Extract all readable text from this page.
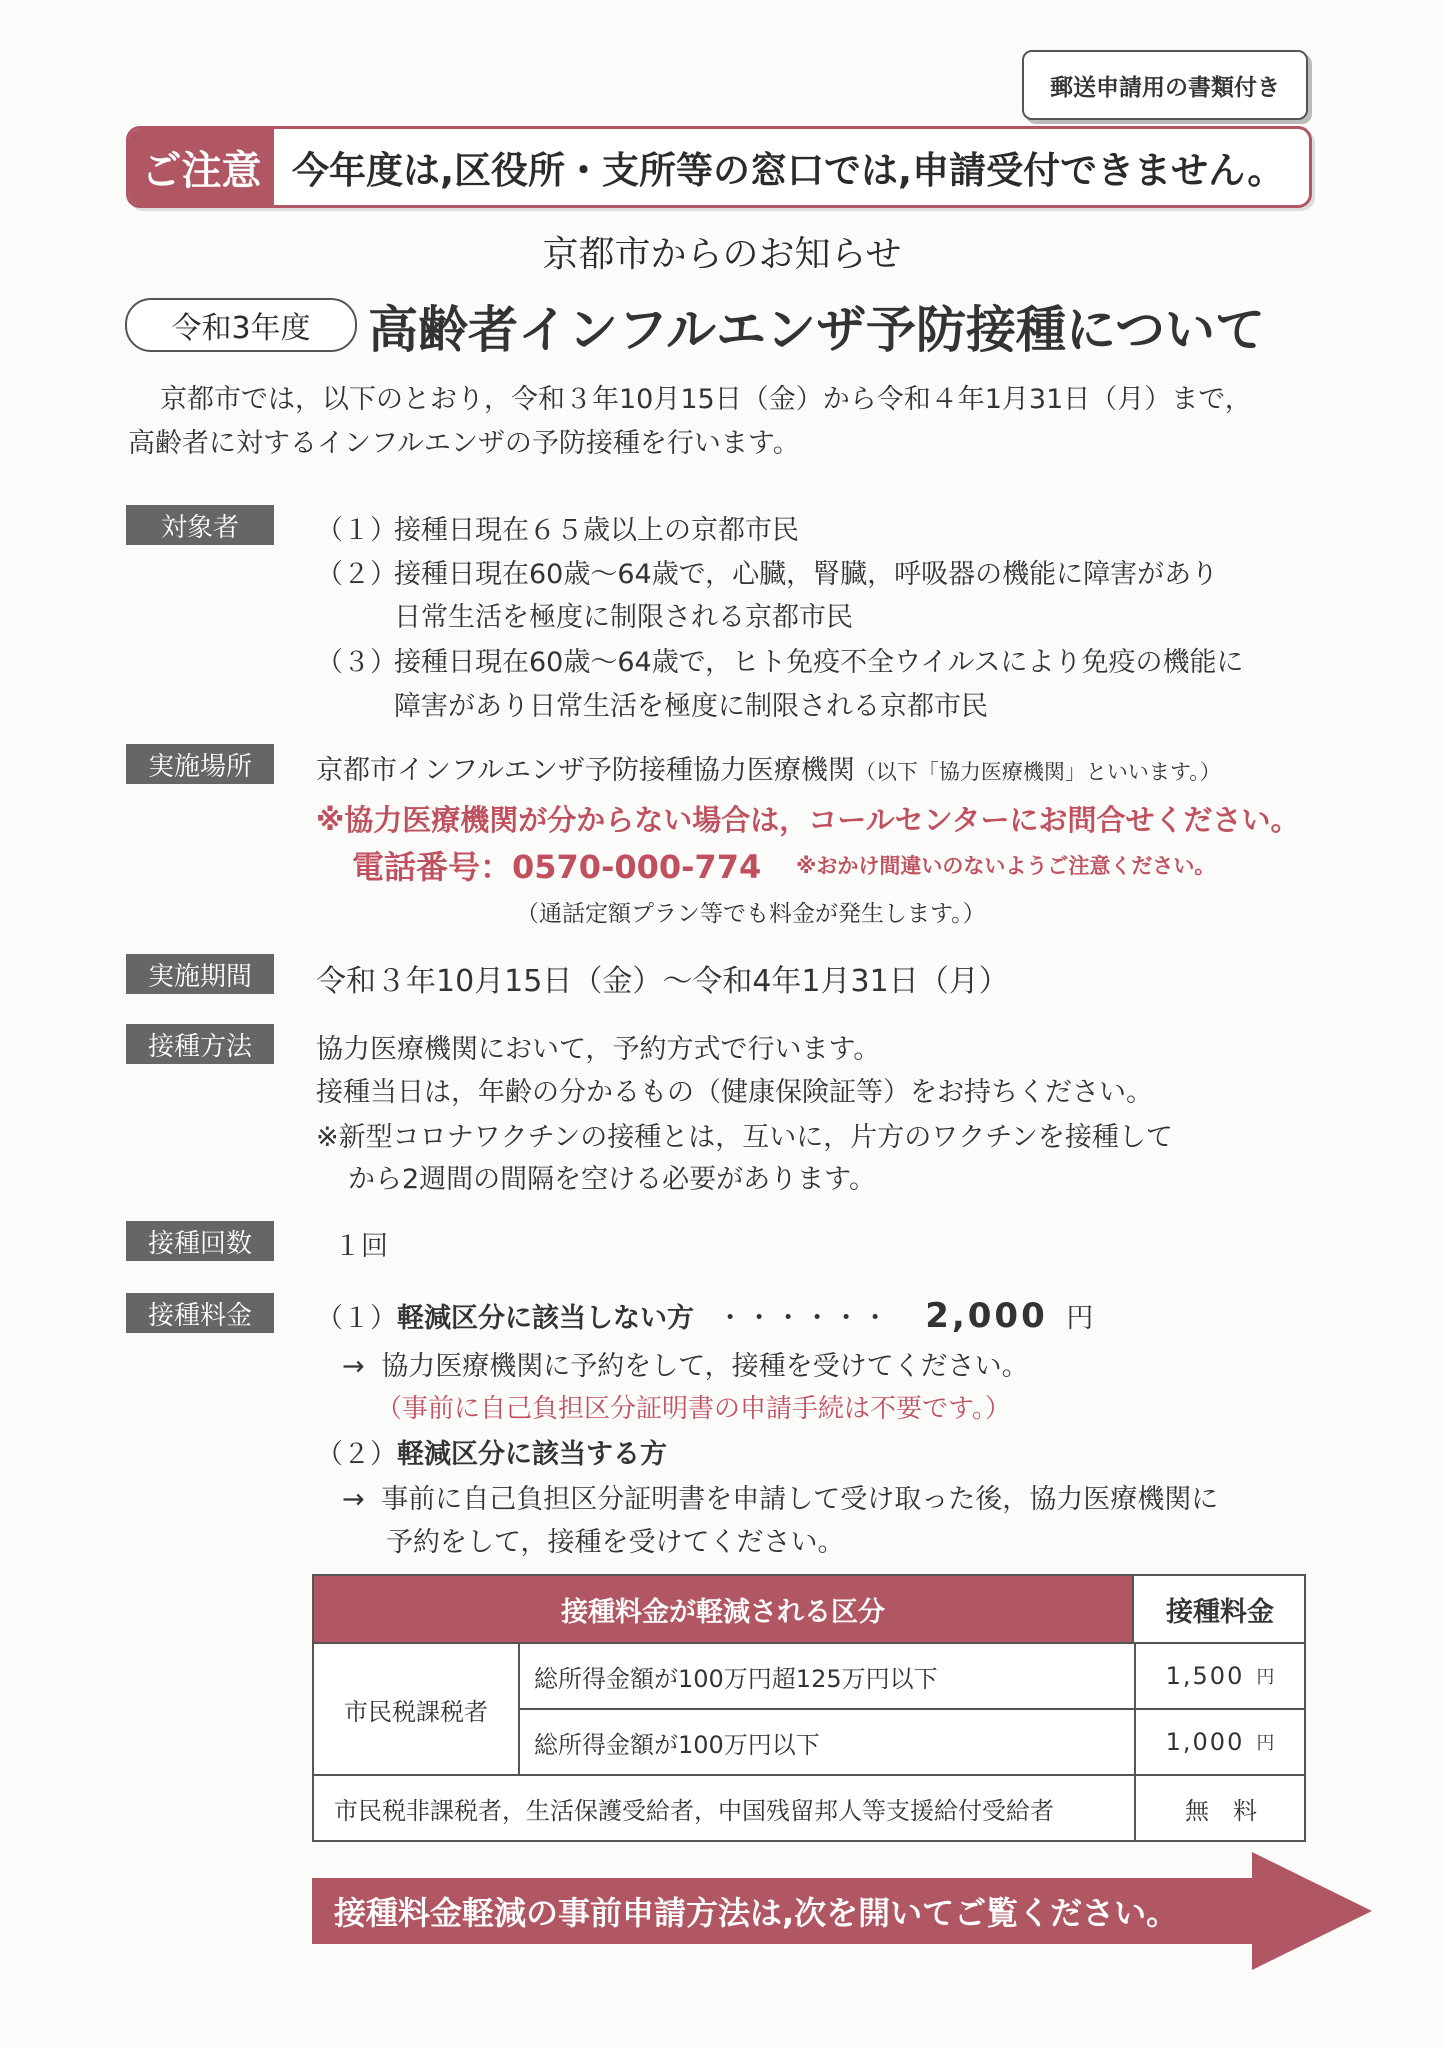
郵送申請用の書類付き
ご注意 今年度は,区役所・支所等の窓口では,申請受付できません。
京都市からのお知らせ
令和3年度	高齢者インフルエンザ予防接種について

京都市では，以下のとおり，令和３年10月15日（金）から令和４年1月31日（月）まで，

高齢者に対するインフルエンザの予防接種を行います。

対象者	（１）
接種日現在６５歳以上の京都市民
（２）
接種日現在60歳～64歳で，心臓，腎臓，呼吸器の機能に障害があり
日常生活を極度に制限される京都市民
（３）
接種日現在60歳～64歳で，ヒト免疫不全ウイルスにより免疫の機能に
障害があり日常生活を極度に制限される京都市民
実施場所	京都市インフルエンザ予防接種協力医療機関（以下「協力医療機関」といいます。）
※協力医療機関が分からない場合は，コールセンターにお問合せください。
電話番号：0570-000-774 ※おかけ間違いのないようご注意ください。
（通話定額プラン等でも料金が発生します。）
実施期間	令和３年10月15日（金）～令和4年1月31日（月）
接種方法	協力医療機関において，予約方式で行います。
接種当日は，年齢の分かるもの（健康保険証等）をお持ちください。
※新型コロナワクチンの接種とは，互いに，片方のワクチンを接種して
から2週間の間隔を空ける必要があります。
接種回数	１回
接種料金	（１）軽減区分に該当しない方 ・・・・・・ 2,000 円
→ 協力医療機関に予約をして，接種を受けてください。
（事前に自己負担区分証明書の申請手続は不要です。）
（２）軽減区分に該当する方
→ 事前に自己負担区分証明書を申請して受け取った後，協力医療機関に
予約をして，接種を受けてください。
接種料金が軽減される区分	接種料金
市民税課税者
総所得金額が100万円超125万円以下	1,500 円
総所得金額が100万円以下	1,000 円
市民税非課税者，生活保護受給者，中国残留邦人等支援給付受給者	無　料
接種料金軽減の事前申請方法は,次を開いてご覧ください。
